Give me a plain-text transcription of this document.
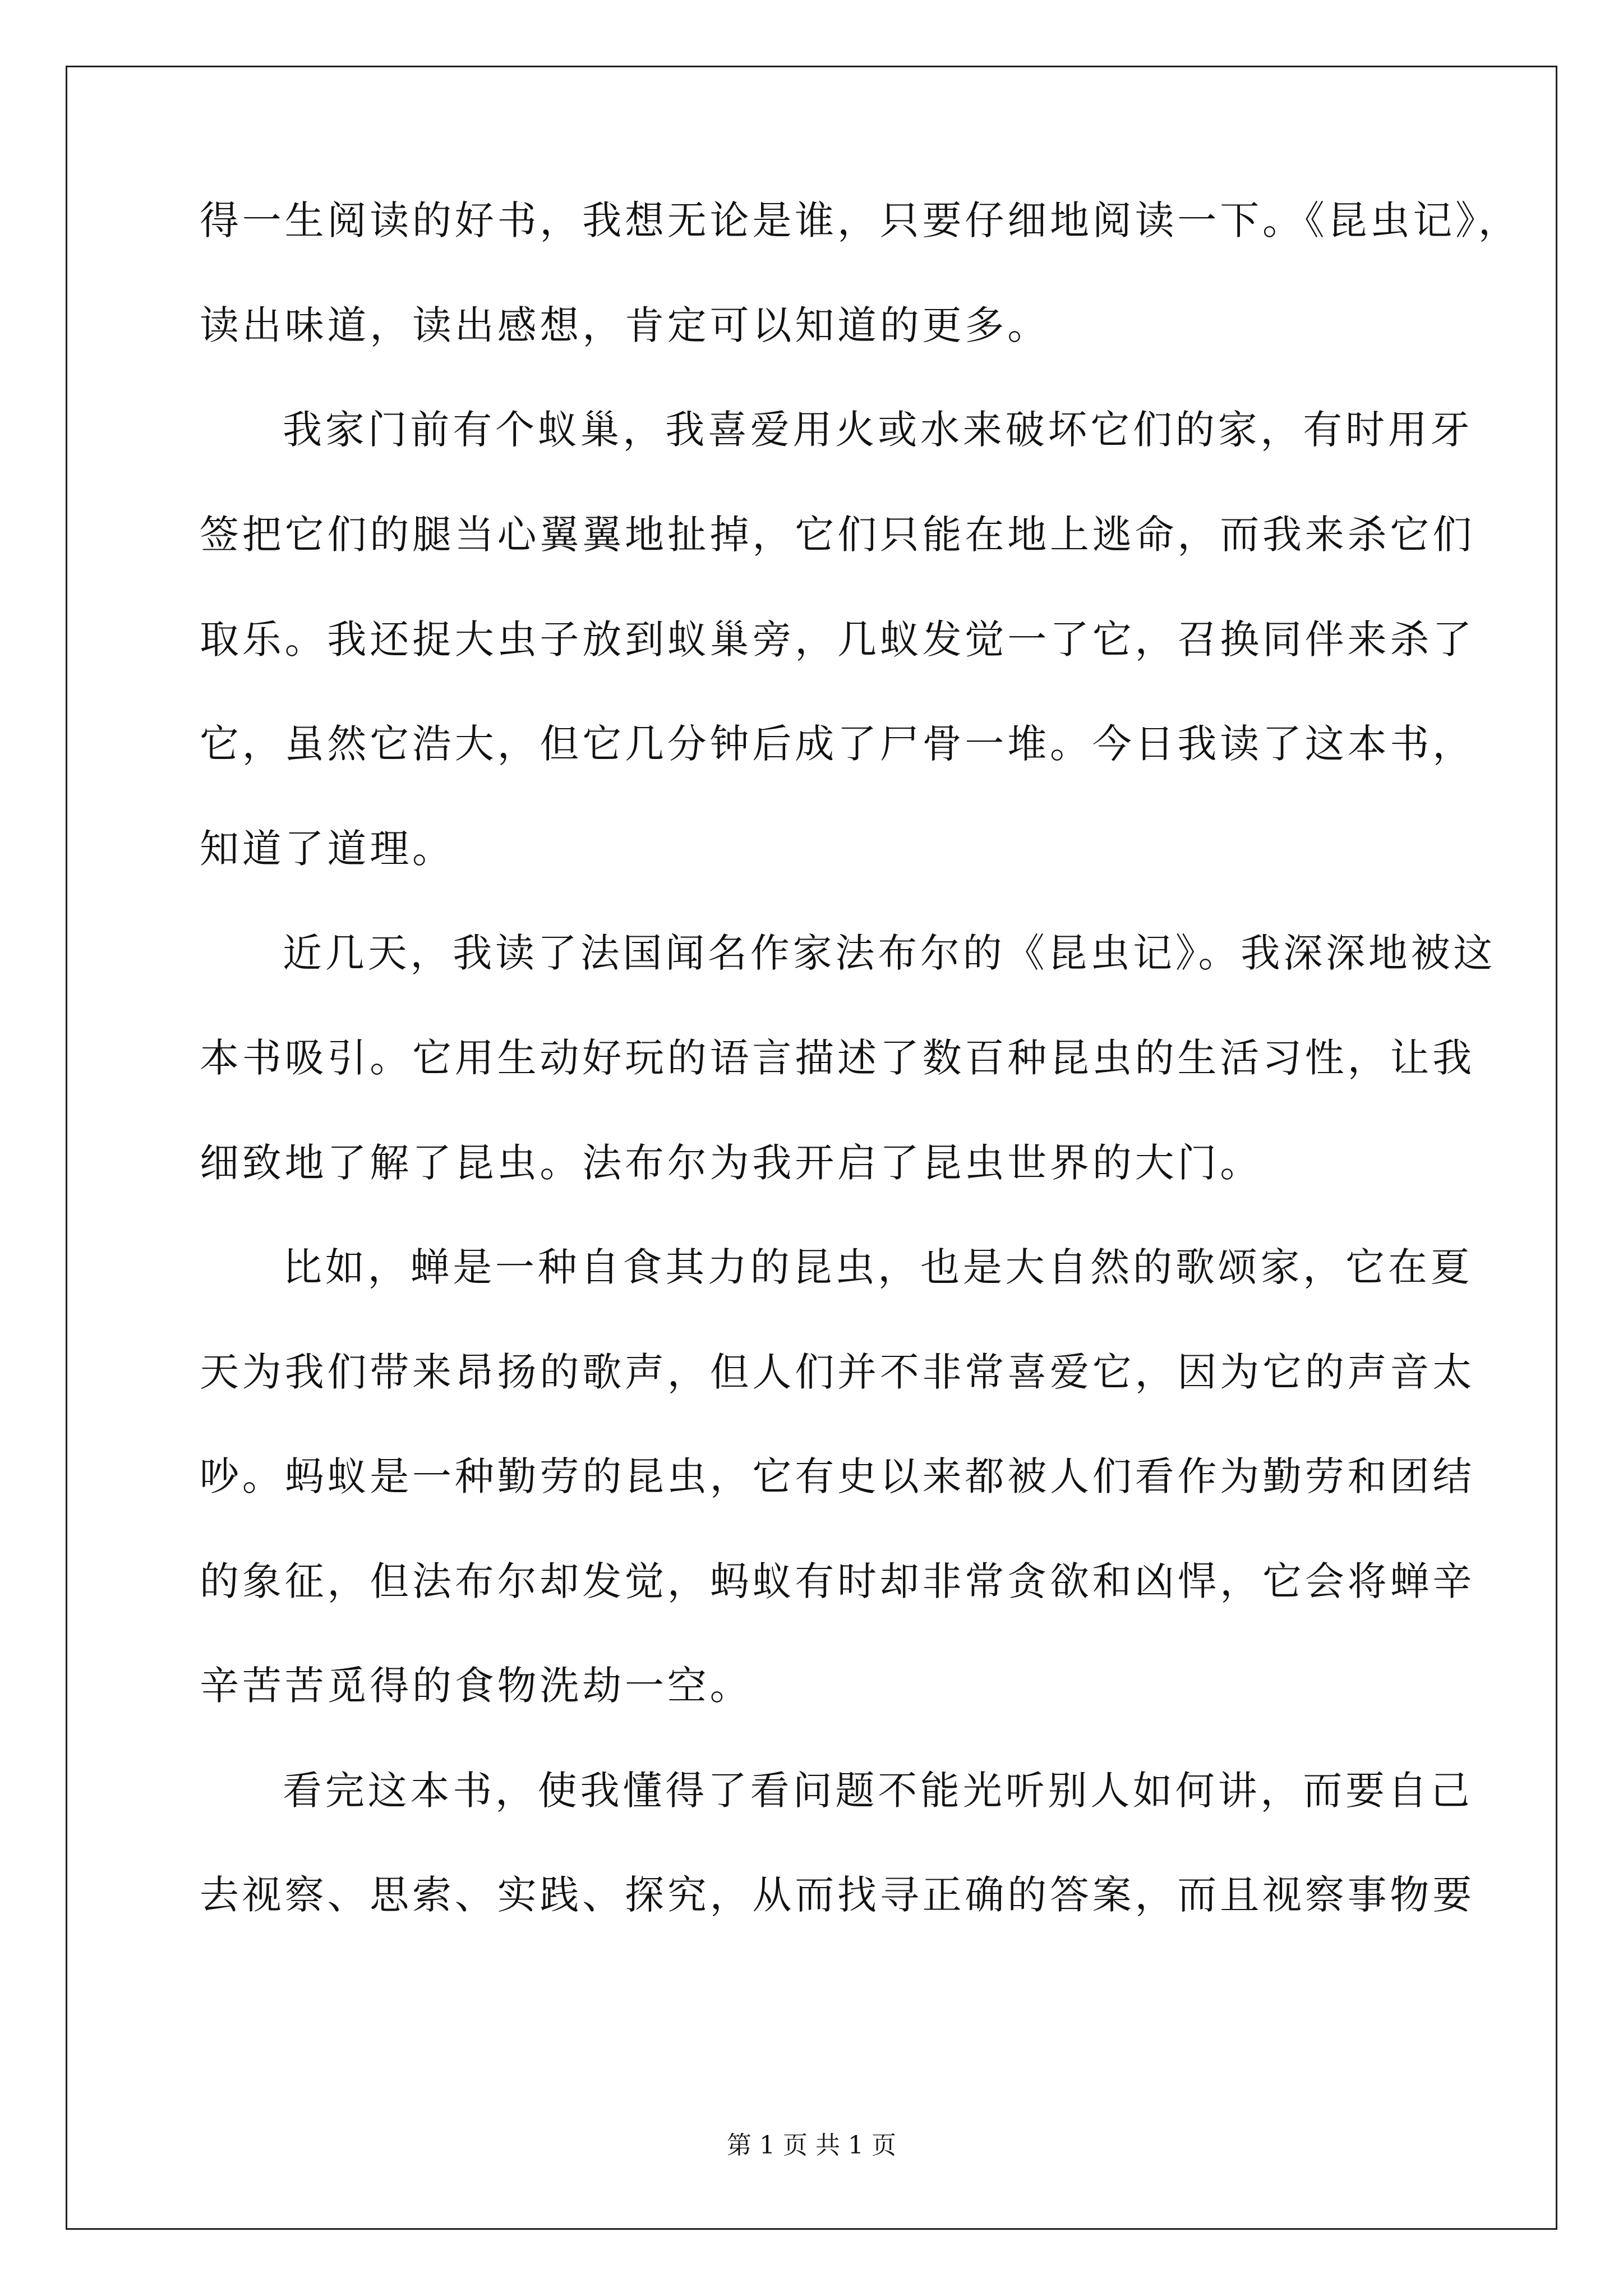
得一生阅读的好书，我想无论是谁，只要仔细地阅读一下。《昆虫记》，
读出味道，读出感想，肯定可以知道的更多。
我家门前有个蚁巢，我喜爱用火或水来破坏它们的家，有时用牙
签把它们的腿当心翼翼地扯掉，它们只能在地上逃命，而我来杀它们
取乐。我还捉大虫子放到蚁巢旁，几蚁发觉一了它，召换同伴来杀了
它，虽然它浩大，但它几分钟后成了尸骨一堆。今日我读了这本书，
知道了道理。
近几天，我读了法国闻名作家法布尔的《昆虫记》。我深深地被这
本书吸引。它用生动好玩的语言描述了数百种昆虫的生活习性，让我
细致地了解了昆虫。法布尔为我开启了昆虫世界的大门。
比如，蝉是一种自食其力的昆虫，也是大自然的歌颂家，它在夏
天为我们带来昂扬的歌声，但人们并不非常喜爱它，因为它的声音太
吵。蚂蚁是一种勤劳的昆虫，它有史以来都被人们看作为勤劳和团结
的象征，但法布尔却发觉，蚂蚁有时却非常贪欲和凶悍，它会将蝉辛
辛苦苦觅得的食物洗劫一空。
看完这本书，使我懂得了看问题不能光听别人如何讲，而要自己
去视察、思索、实践、探究，从而找寻正确的答案，而且视察事物要
第 1 页 共 1 页
